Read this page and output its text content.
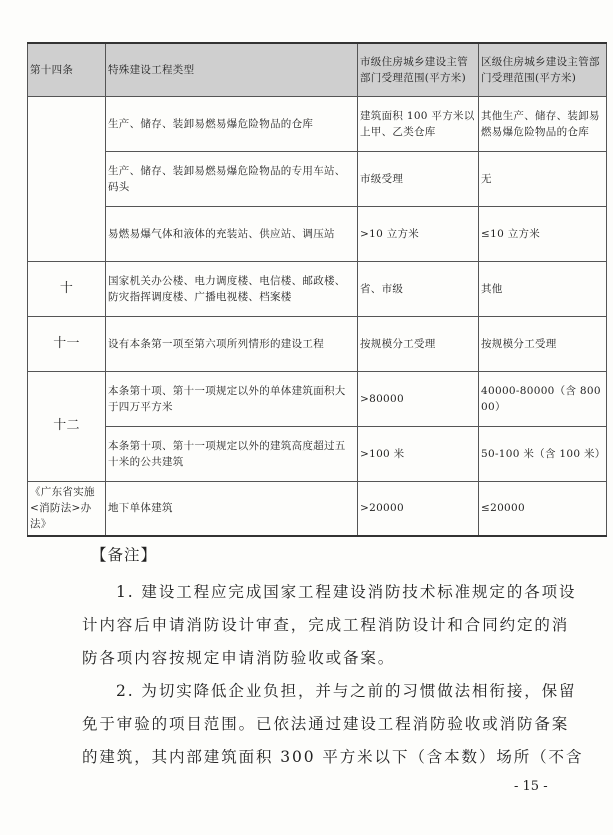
第十四条	特殊建设工程类型	市级住房城乡建设主管部门受理范围(平方米)	区级住房城乡建设主管部门受理范围(平方米)
	生产、储存、装卸易燃易爆危险物品的仓库	建筑面积 100 平方米以上甲、乙类仓库	其他生产、储存、装卸易燃易爆危险物品的仓库
	生产、储存、装卸易燃易爆危险物品的专用车站、码头	市级受理	无
	易燃易爆气体和液体的充装站、供应站、调压站	>10 立方米	≤10 立方米
十	国家机关办公楼、电力调度楼、电信楼、邮政楼、防灾指挥调度楼、广播电视楼、档案楼	省、市级	其他
十一	设有本条第一项至第六项所列情形的建设工程	按规模分工受理	按规模分工受理
十二	本条第十项、第十一项规定以外的单体建筑面积大于四万平方米	>80000	40000-80000（含 80000）
	本条第十项、第十一项规定以外的建筑高度超过五十米的公共建筑	>100 米	50-100 米（含 100 米）
《广东省实施<消防法>办法》	地下单体建筑	>20000	≤20000
【备注】
1. 建设工程应完成国家工程建设消防技术标准规定的各项设
计内容后申请消防设计审查，完成工程消防设计和合同约定的消
防各项内容按规定申请消防验收或备案。
2. 为切实降低企业负担，并与之前的习惯做法相衔接，保留
免于审验的项目范围。已依法通过建设工程消防验收或消防备案
的建筑，其内部建筑面积 300 平方米以下（含本数）场所（不含
- 15 -
